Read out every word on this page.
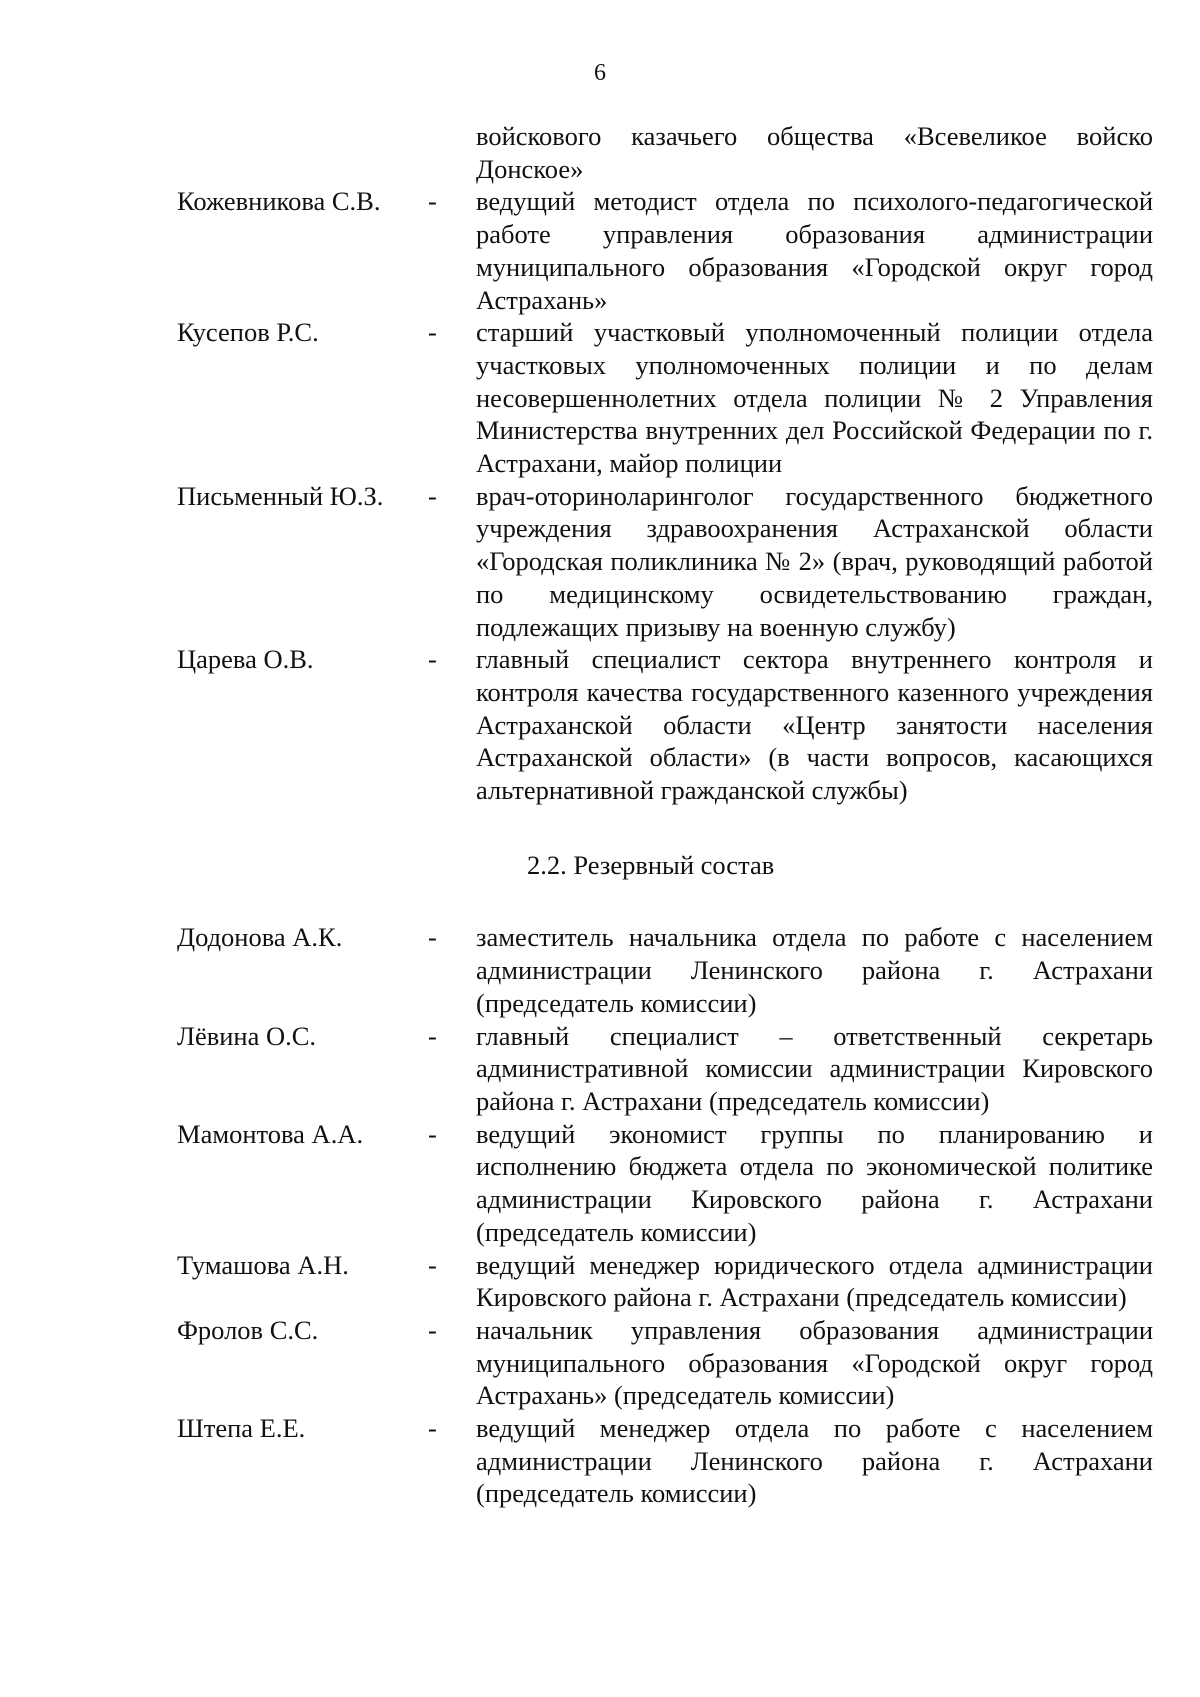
6
войскового казачьего общества «Всевеликое войско Донское»
Кожевникова С.В.	-	ведущий методист отдела по психолого-педагогической работе управления образования администрации муниципального образования «Городской округ город Астрахань»
Кусепов Р.С.	-	старший участковый уполномоченный полиции отдела участковых уполномоченных полиции и по делам несовершеннолетних отдела полиции № 2 Управления Министерства внутренних дел Российской Федерации по г. Астрахани, майор полиции
Письменный Ю.З.	-	врач-оториноларинголог государственного бюджетного учреждения здравоохранения Астраханской области «Городская поликлиника № 2» (врач, руководящий работой по медицинскому освидетельствованию граждан, подлежащих призыву на военную службу)
Царева О.В.	-	главный специалист сектора внутреннего контроля и контроля качества государственного казенного учреждения Астраханской области «Центр занятости населения Астраханской области» (в части вопросов, касающихся альтернативной гражданской службы)
2.2. Резервный состав
Додонова А.К.	-	заместитель начальника отдела по работе с населением администрации Ленинского района г. Астрахани (председатель комиссии)
Лёвина О.С.	-	главный специалист – ответственный секретарь административной комиссии администрации Кировского района г. Астрахани (председатель комиссии)
Мамонтова А.А.	-	ведущий экономист группы по планированию и исполнению бюджета отдела по экономической политике администрации Кировского района г. Астрахани (председатель комиссии)
Тумашова А.Н.	-	ведущий менеджер юридического отдела администрации Кировского района г. Астрахани (председатель комиссии)
Фролов С.С.	-	начальник управления образования администрации муниципального образования «Городской округ город Астрахань» (председатель комиссии)
Штепа Е.Е.	-	ведущий менеджер отдела по работе с населением администрации Ленинского района г. Астрахани (председатель комиссии)
